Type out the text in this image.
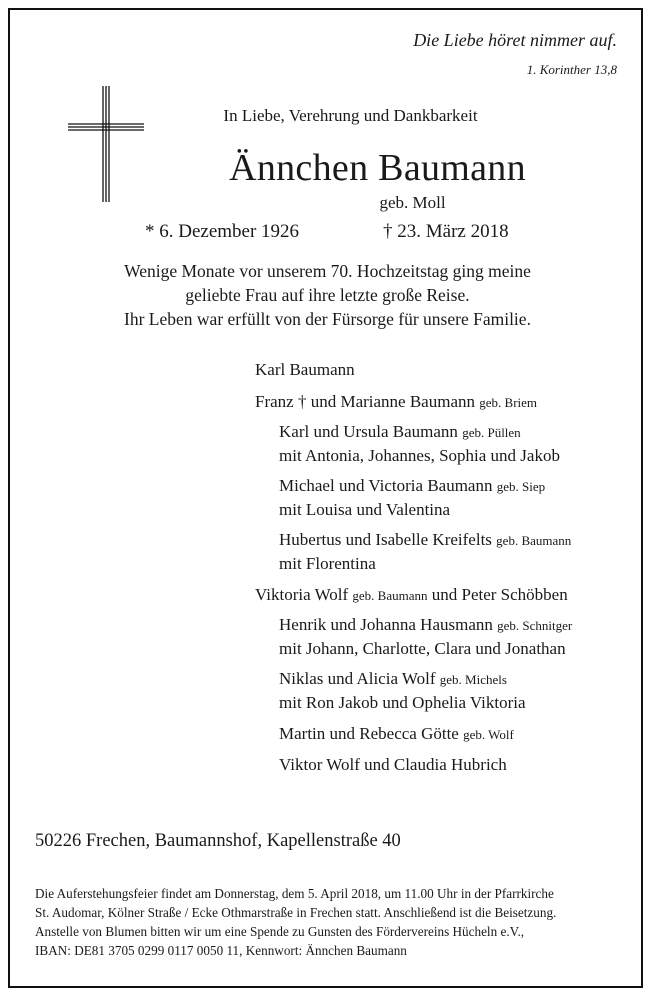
Die Liebe höret nimmer auf.
1. Korinther 13,8
In Liebe, Verehrung und Dankbarkeit
Ännchen Baumann
geb. Moll
* 6. Dezember 1926	† 23. März 2018
Wenige Monate vor unserem 70. Hochzeitstag ging meine
geliebte Frau auf ihre letzte große Reise.
Ihr Leben war erfüllt von der Fürsorge für unsere Familie.
Karl Baumann
Franz † und Marianne Baumann geb. Briem
Karl und Ursula Baumann geb. Püllen
mit Antonia, Johannes, Sophia und Jakob
Michael und Victoria Baumann geb. Siep
mit Louisa und Valentina
Hubertus und Isabelle Kreifelts geb. Baumann
mit Florentina
Viktoria Wolf geb. Baumann und Peter Schöbben
Henrik und Johanna Hausmann geb. Schnitger
mit Johann, Charlotte, Clara und Jonathan
Niklas und Alicia Wolf geb. Michels
mit Ron Jakob und Ophelia Viktoria
Martin und Rebecca Götte geb. Wolf
Viktor Wolf und Claudia Hubrich
50226 Frechen, Baumannshof, Kapellenstraße 40
Die Auferstehungsfeier findet am Donnerstag, dem 5. April 2018, um 11.00 Uhr in der Pfarrkirche
St. Audomar, Kölner Straße / Ecke Othmarstraße in Frechen statt. Anschließend ist die Beisetzung.
Anstelle von Blumen bitten wir um eine Spende zu Gunsten des Fördervereins Hücheln e.V.,
IBAN: DE81 3705 0299 0117 0050 11, Kennwort: Ännchen Baumann
